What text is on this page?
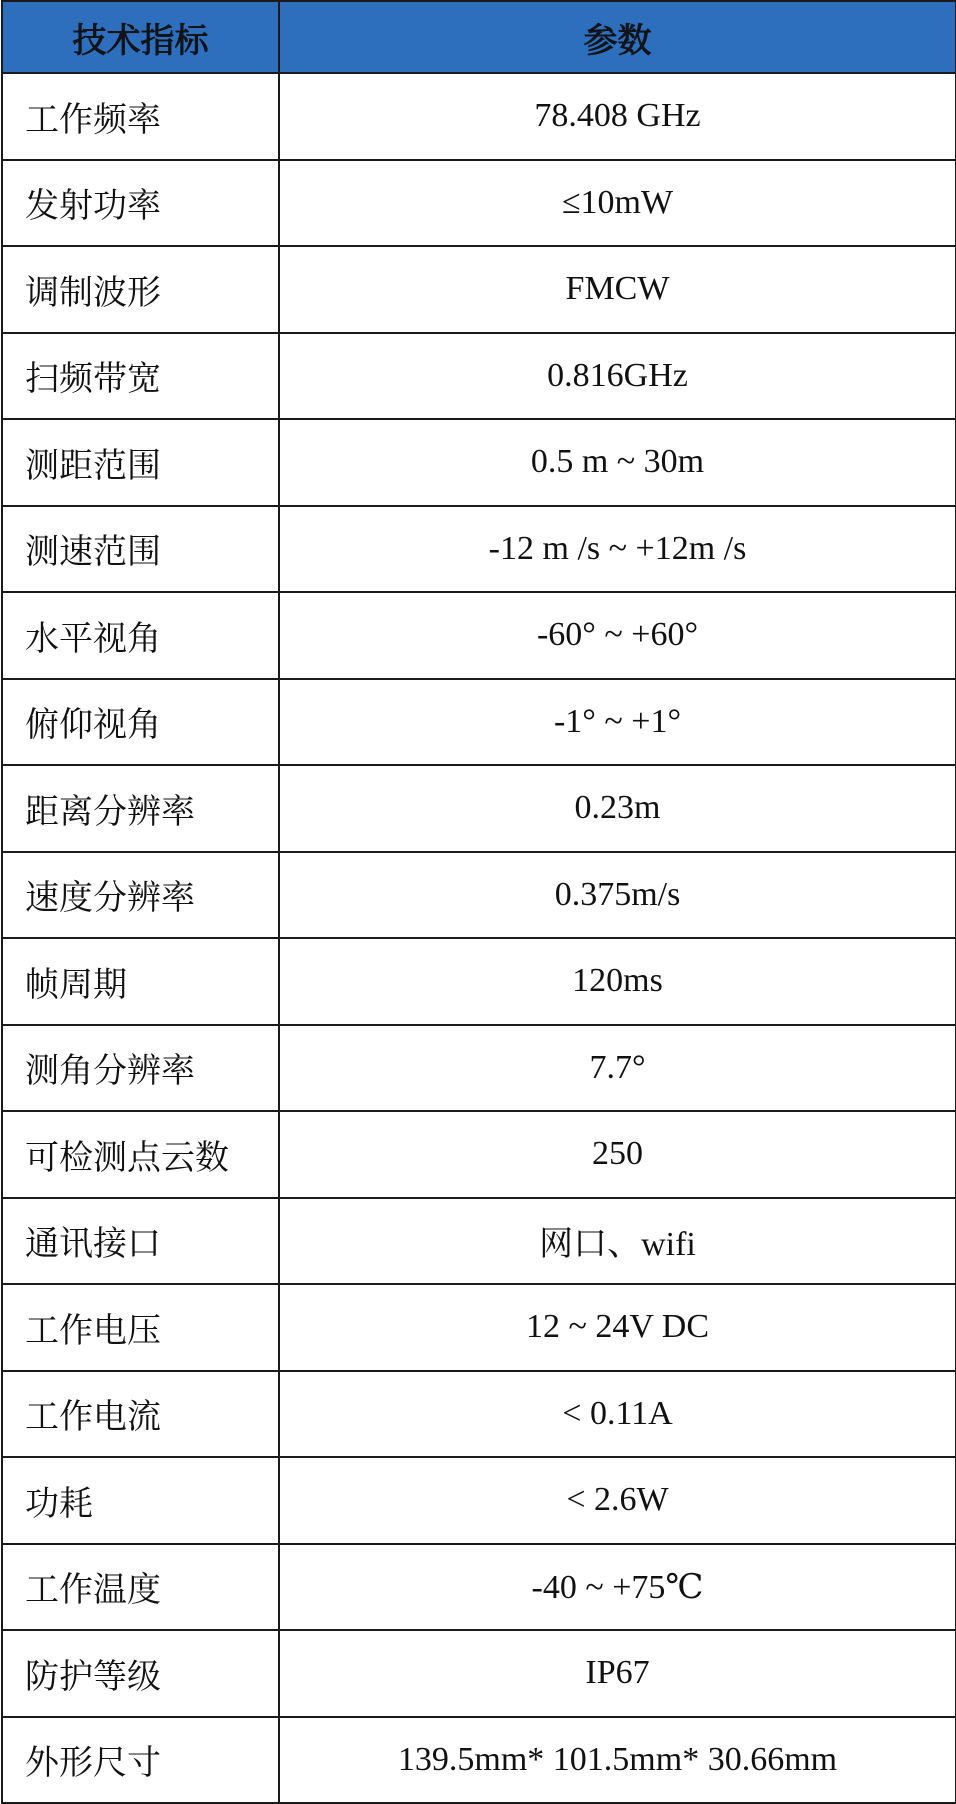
技术指标	参数
工作频率	78.408 GHz
发射功率	≤10mW
调制波形	FMCW
扫频带宽	0.816GHz
测距范围	0.5 m ~ 30m
测速范围	-12 m /s ~ +12m /s
水平视角	-60° ~ +60°
俯仰视角	-1° ~ +1°
距离分辨率	0.23m
速度分辨率	0.375m/s
帧周期	120ms
测角分辨率	7.7°
可检测点云数	250
通讯接口	网口、wifi
工作电压	12 ~ 24V DC
工作电流	< 0.11A
功耗	< 2.6W
工作温度	-40 ~ +75℃
防护等级	IP67
外形尺寸	139.5mm* 101.5mm* 30.66mm
